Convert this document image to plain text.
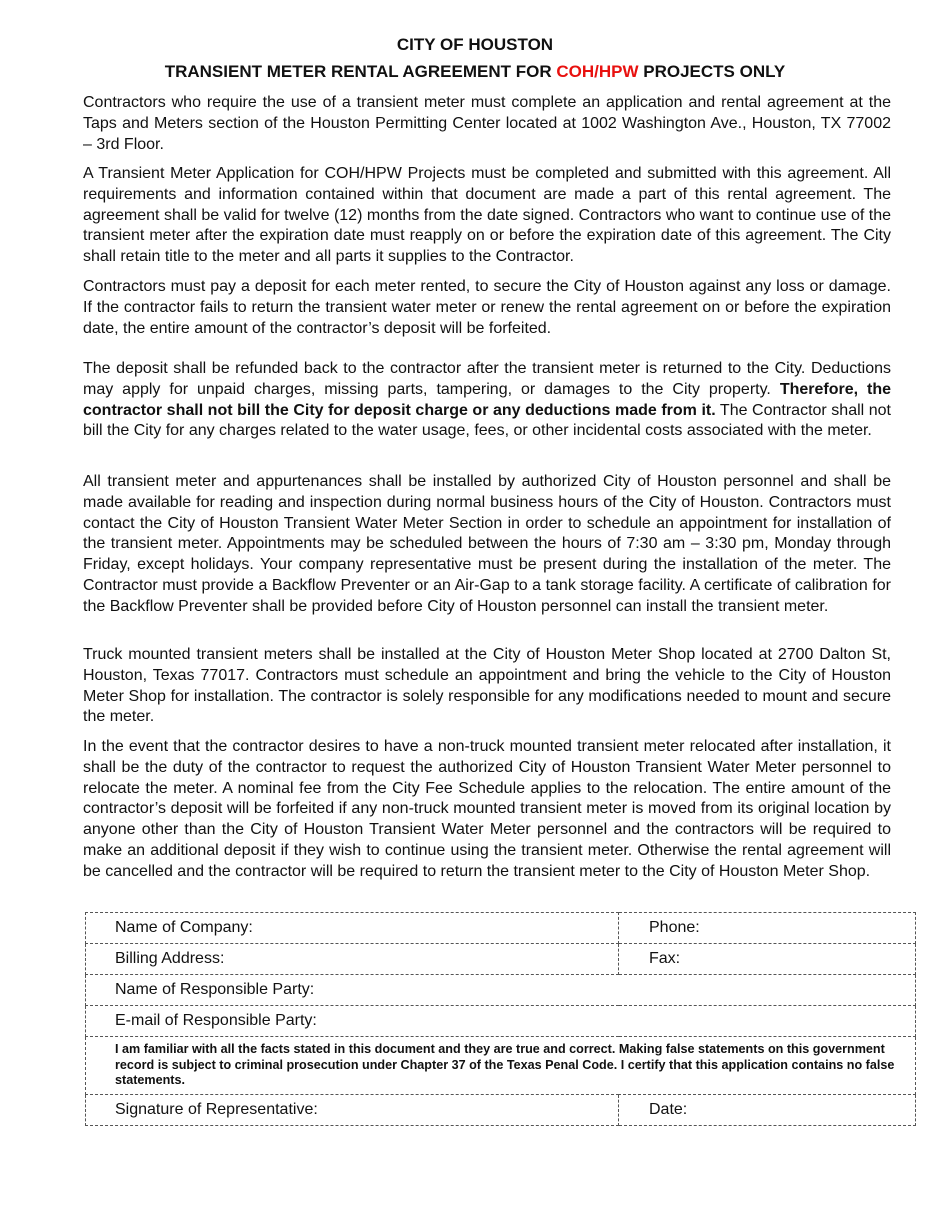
CITY OF HOUSTON
TRANSIENT METER RENTAL AGREEMENT FOR COH/HPW PROJECTS ONLY

Contractors who require the use of a transient meter must complete an application and rental agreement at the Taps and Meters section of the Houston Permitting Center located at 1002 Washington Ave., Houston, TX 77002 – 3rd Floor.

A Transient Meter Application for COH/HPW Projects must be completed and submitted with this agreement. All requirements and information contained within that document are made a part of this rental agreement. The agreement shall be valid for twelve (12) months from the date signed. Contractors who want to continue use of the transient meter after the expiration date must reapply on or before the expiration date of this agreement. The City shall retain title to the meter and all parts it supplies to the Contractor.

Contractors must pay a deposit for each meter rented, to secure the City of Houston against any loss or damage. If the contractor fails to return the transient water meter or renew the rental agreement on or before the expiration date, the entire amount of the contractor’s deposit will be forfeited.

The deposit shall be refunded back to the contractor after the transient meter is returned to the City. Deductions may apply for unpaid charges, missing parts, tampering, or damages to the City property. Therefore, the contractor shall not bill the City for deposit charge or any deductions made from it. The Contractor shall not bill the City for any charges related to the water usage, fees, or other incidental costs associated with the meter.

All transient meter and appurtenances shall be installed by authorized City of Houston personnel and shall be made available for reading and inspection during normal business hours of the City of Houston. Contractors must contact the City of Houston Transient Water Meter Section in order to schedule an appointment for installation of the transient meter. Appointments may be scheduled between the hours of 7:30 am – 3:30 pm, Monday through Friday, except holidays. Your company representative must be present during the installation of the meter. The Contractor must provide a Backflow Preventer or an Air-Gap to a tank storage facility. A certificate of calibration for the Backflow Preventer shall be provided before City of Houston personnel can install the transient meter.

Truck mounted transient meters shall be installed at the City of Houston Meter Shop located at 2700 Dalton St, Houston, Texas 77017. Contractors must schedule an appointment and bring the vehicle to the City of Houston Meter Shop for installation. The contractor is solely responsible for any modifications needed to mount and secure the meter.

In the event that the contractor desires to have a non-truck mounted transient meter relocated after installation, it shall be the duty of the contractor to request the authorized City of Houston Transient Water Meter personnel to relocate the meter. A nominal fee from the City Fee Schedule applies to the relocation. The entire amount of the contractor’s deposit will be forfeited if any non-truck mounted transient meter is moved from its original location by anyone other than the City of Houston Transient Water Meter personnel and the contractors will be required to make an additional deposit if they wish to continue using the transient meter. Otherwise the rental agreement will be cancelled and the contractor will be required to return the transient meter to the City of Houston Meter Shop.

Name of Company:	Phone:
Billing Address:	Fax:
Name of Responsible Party:	
E-mail of Responsible Party:	
I am familiar with all the facts stated in this document and they are true and correct. Making false statements on this government record is subject to criminal prosecution under Chapter 37 of the Texas Penal Code. I certify that this application contains no false statements.	
Signature of Representative:	Date:
